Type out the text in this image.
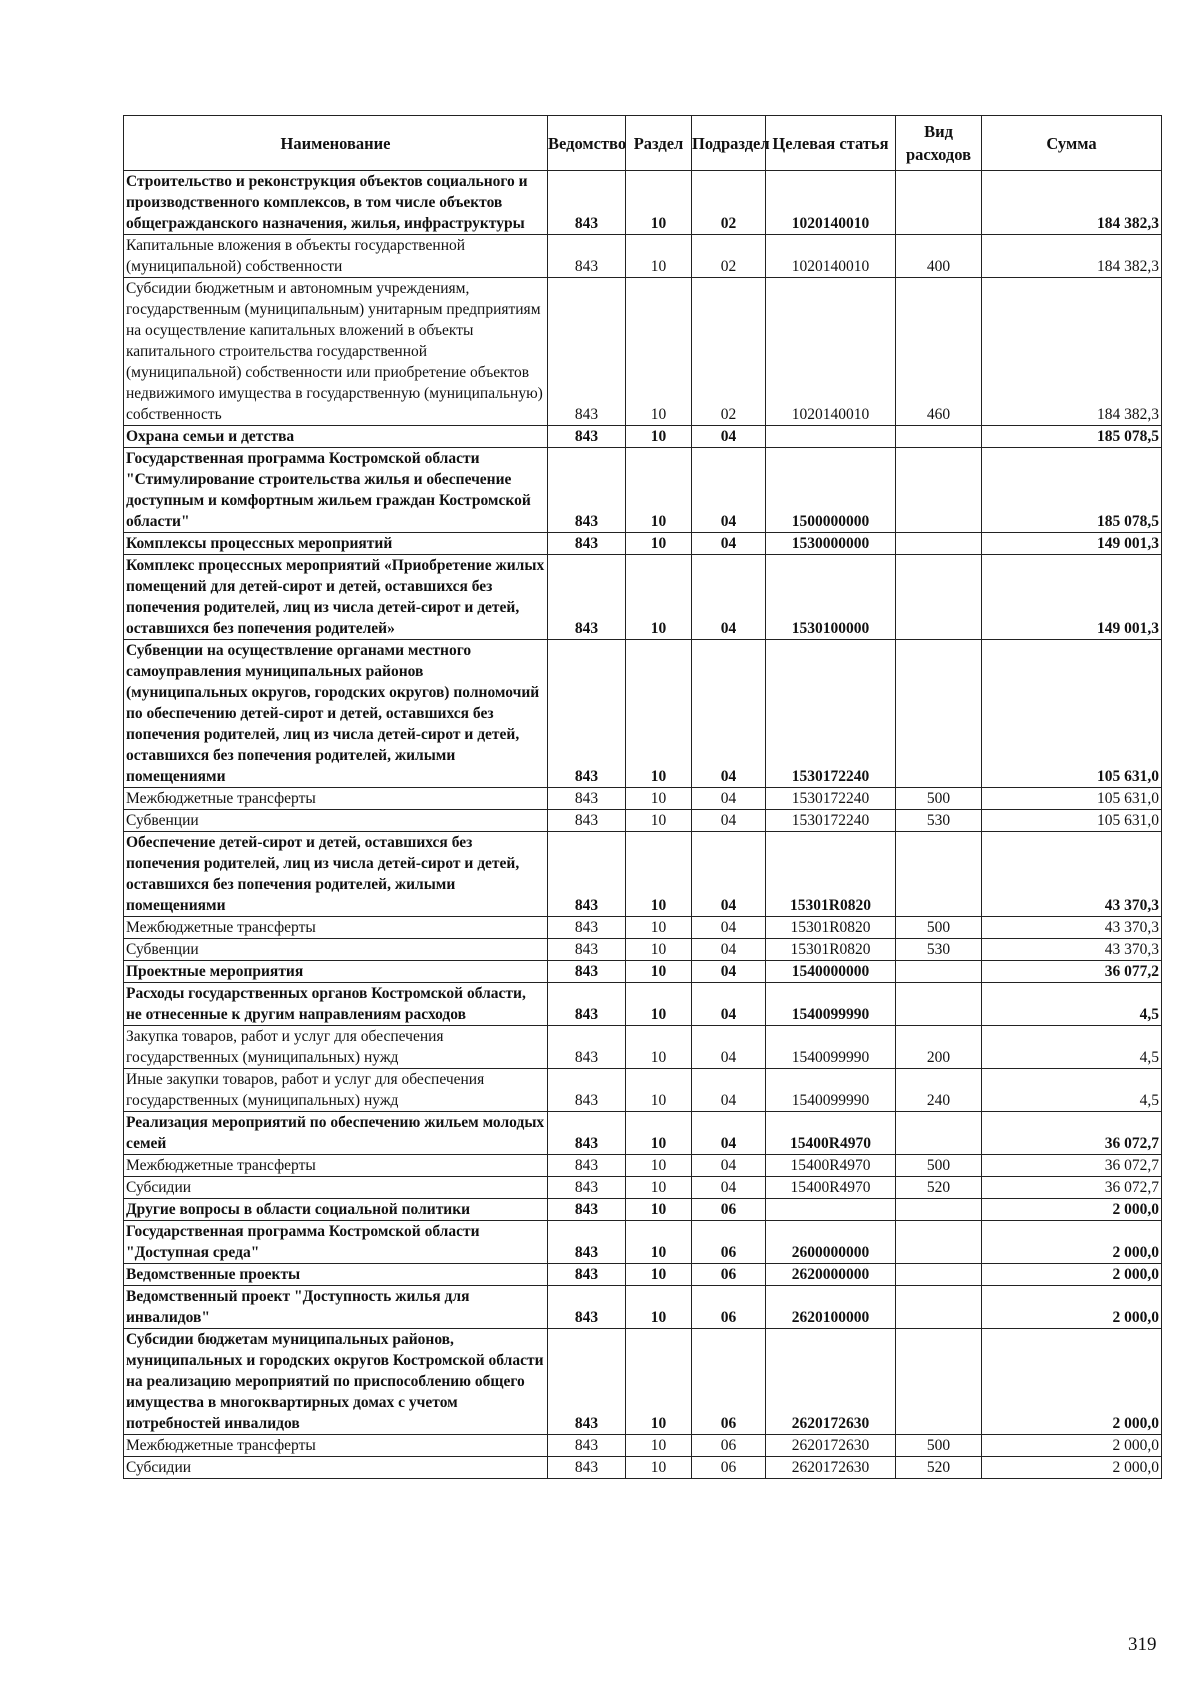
Наименование	Ведомство	Раздел	Подраздел	Целевая статья	Вид расходов	Сумма
Строительство и реконструкция объектов социального и производственного комплексов, в том числе объектов общегражданского назначения, жилья, инфраструктуры	843	10	02	1020140010		184 382,3
Капитальные вложения в объекты государственной (муниципальной) собственности	843	10	02	1020140010	400	184 382,3
Субсидии бюджетным и автономным учреждениям, государственным (муниципальным) унитарным предприятиям на осуществление капитальных вложений в объекты капитального строительства государственной (муниципальной) собственности или приобретение объектов недвижимого имущества в государственную (муниципальную) собственность	843	10	02	1020140010	460	184 382,3
Охрана семьи и детства	843	10	04			185 078,5
Государственная программа Костромской области "Стимулирование строительства жилья и обеспечение доступным и комфортным жильем граждан Костромской области"	843	10	04	1500000000		185 078,5
Комплексы процессных мероприятий	843	10	04	1530000000		149 001,3
Комплекс процессных мероприятий «Приобретение жилых помещений для детей-сирот и детей, оставшихся без попечения родителей, лиц из числа детей-сирот и детей, оставшихся без попечения родителей»	843	10	04	1530100000		149 001,3
Субвенции на осуществление органами местного самоуправления муниципальных районов (муниципальных округов, городских округов) полномочий по обеспечению детей-сирот и детей, оставшихся без попечения родителей, лиц из числа детей-сирот и детей, оставшихся без попечения родителей, жилыми помещениями	843	10	04	1530172240		105 631,0
Межбюджетные трансферты	843	10	04	1530172240	500	105 631,0
Субвенции	843	10	04	1530172240	530	105 631,0
Обеспечение детей-сирот и детей, оставшихся без попечения родителей, лиц из числа детей-сирот и детей, оставшихся без попечения родителей, жилыми помещениями	843	10	04	15301R0820		43 370,3
Межбюджетные трансферты	843	10	04	15301R0820	500	43 370,3
Субвенции	843	10	04	15301R0820	530	43 370,3
Проектные мероприятия	843	10	04	1540000000		36 077,2
Расходы государственных органов Костромской области, не отнесенные к другим направлениям расходов	843	10	04	1540099990		4,5
Закупка товаров, работ и услуг для обеспечения государственных (муниципальных) нужд	843	10	04	1540099990	200	4,5
Иные закупки товаров, работ и услуг для обеспечения государственных (муниципальных) нужд	843	10	04	1540099990	240	4,5
Реализация мероприятий по обеспечению жильем молодых семей	843	10	04	15400R4970		36 072,7
Межбюджетные трансферты	843	10	04	15400R4970	500	36 072,7
Субсидии	843	10	04	15400R4970	520	36 072,7
Другие вопросы в области социальной политики	843	10	06			2 000,0
Государственная программа Костромской области "Доступная среда"	843	10	06	2600000000		2 000,0
Ведомственные проекты	843	10	06	2620000000		2 000,0
Ведомственный проект "Доступность жилья для инвалидов"	843	10	06	2620100000		2 000,0
Субсидии бюджетам муниципальных районов, муниципальных и городских округов Костромской области на реализацию мероприятий по приспособлению общего имущества в многоквартирных домах с учетом потребностей инвалидов	843	10	06	2620172630		2 000,0
Межбюджетные трансферты	843	10	06	2620172630	500	2 000,0
Субсидии	843	10	06	2620172630	520	2 000,0
319
